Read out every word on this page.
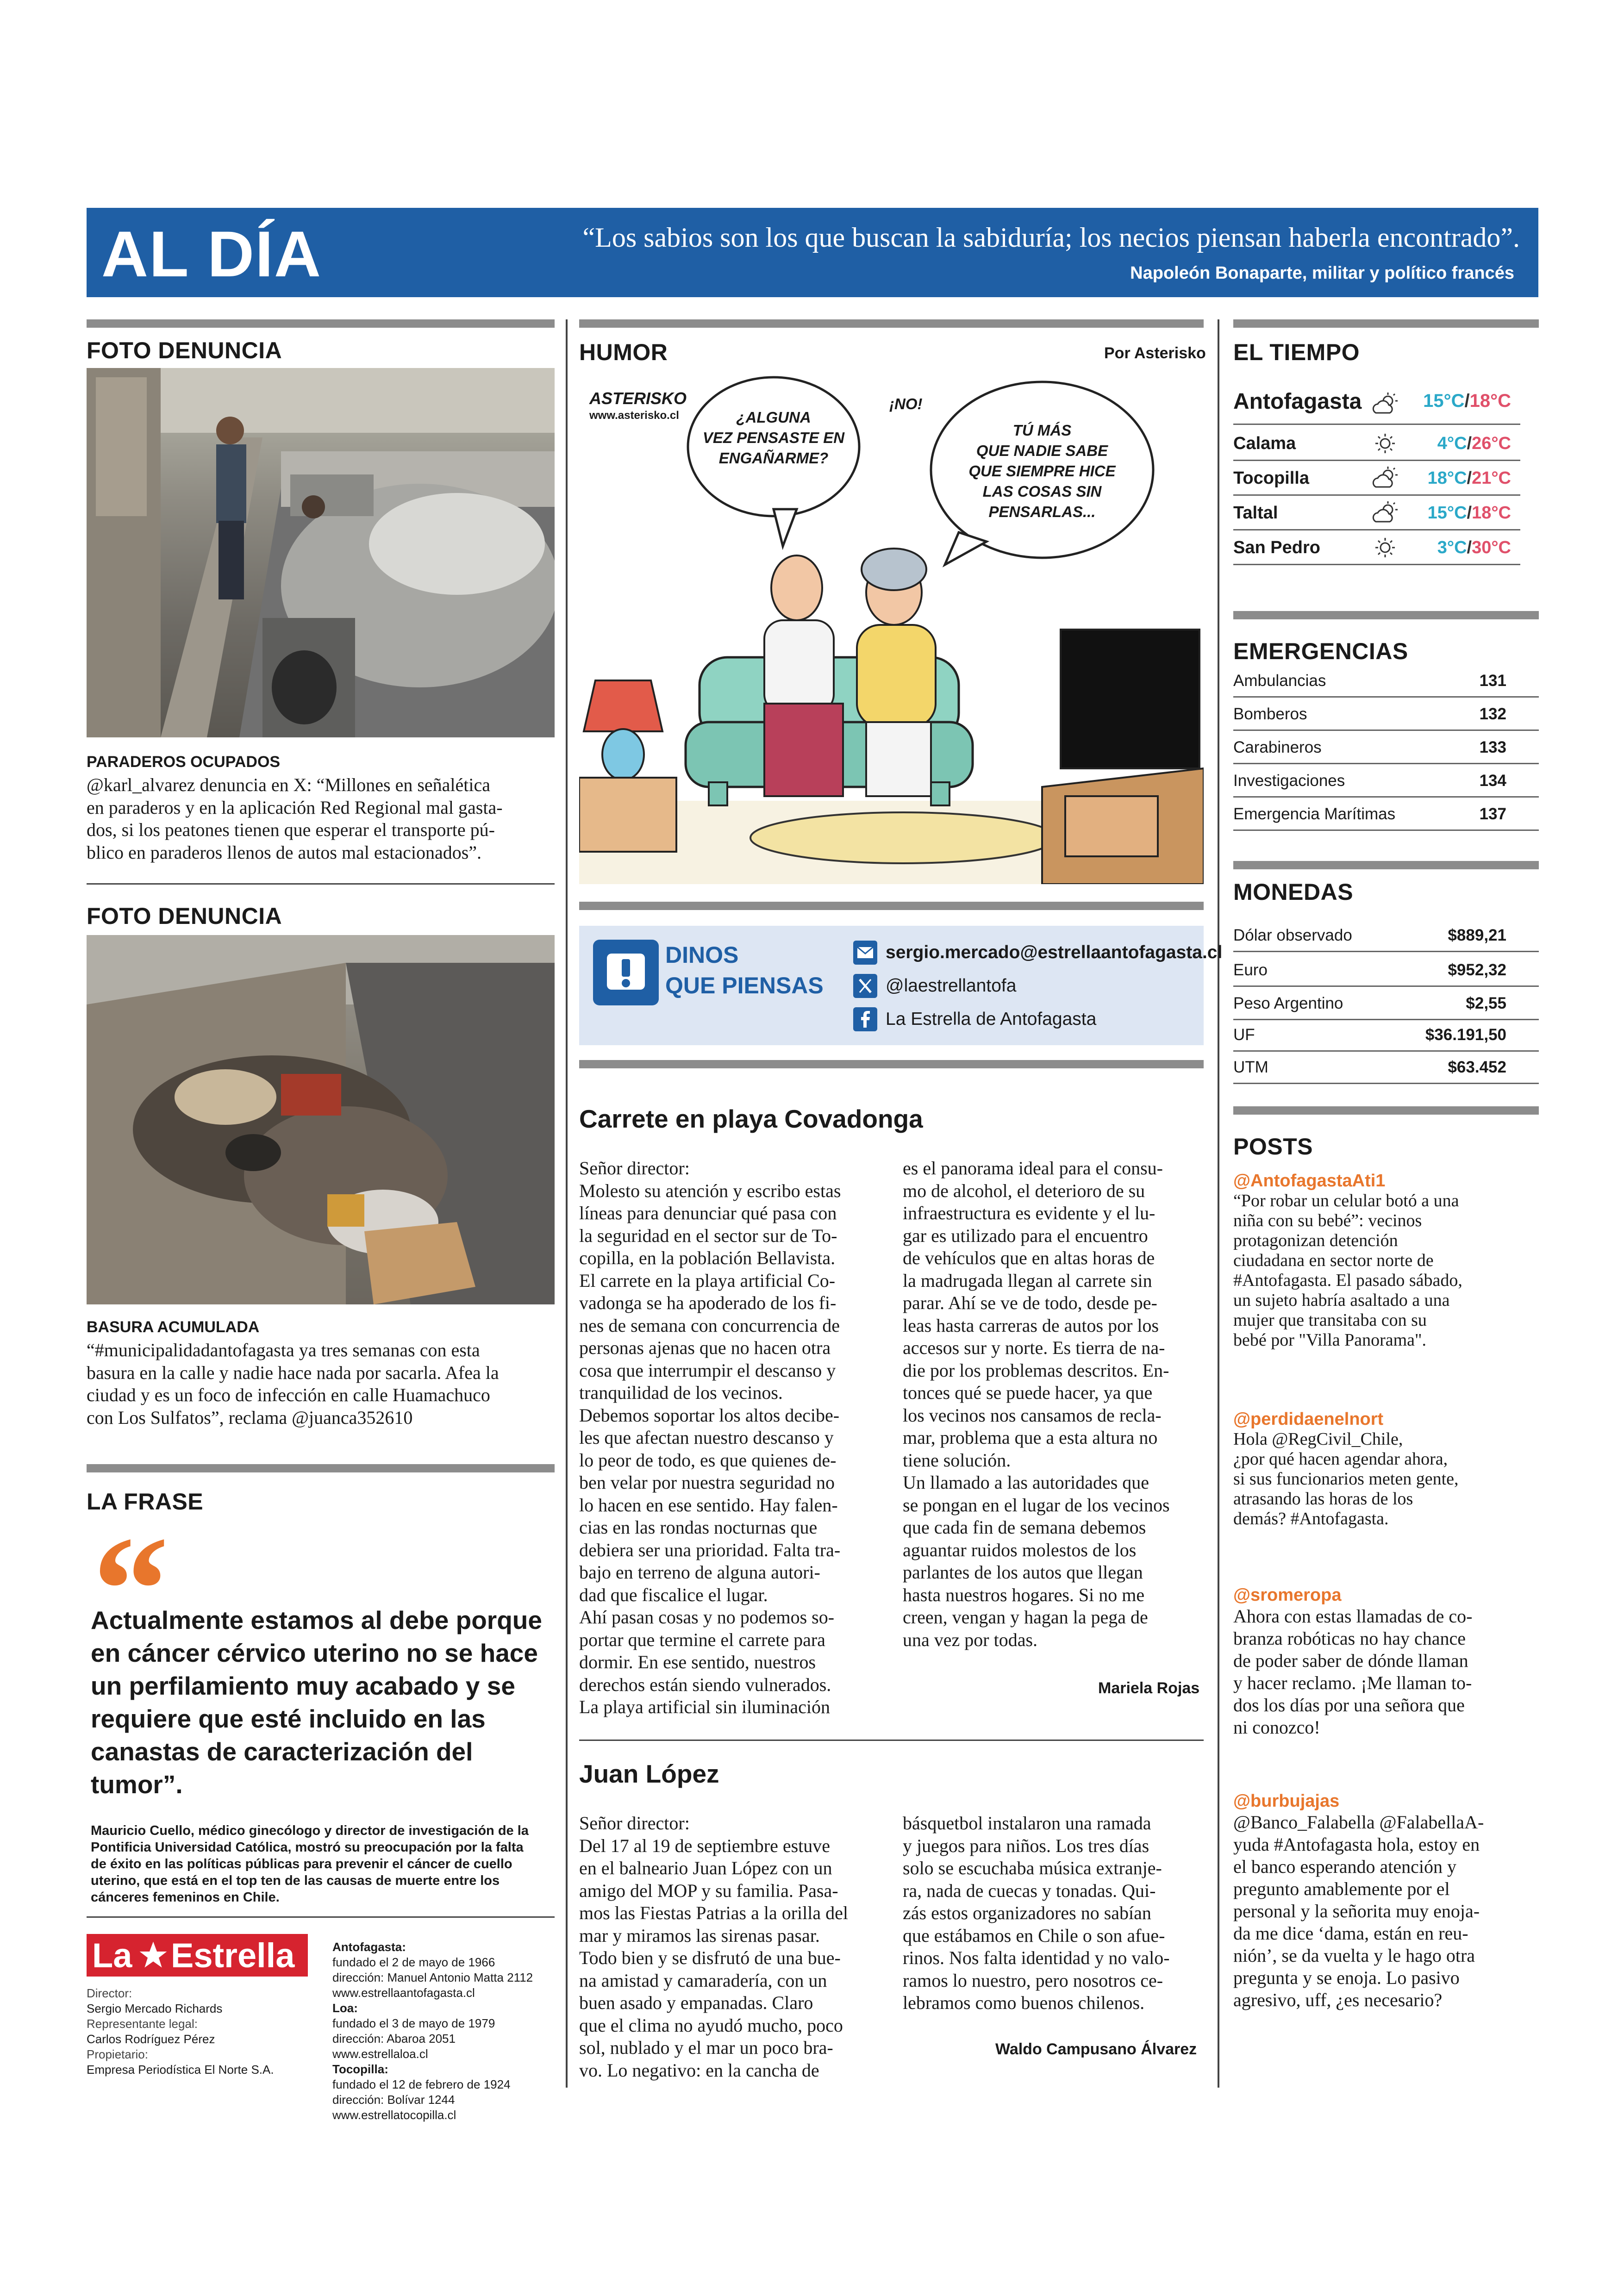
AL DÍA	“Los sabios son los que buscan la sabiduría; los necios piensan haberla encontrado”.
Napoleón Bonaparte, militar y político francés
FOTO DENUNCIA
PARADEROS OCUPADOS
@karl_alvarez denuncia en X: “Millones en señalética
en paraderos y en la aplicación Red Regional mal gasta-
dos, si los peatones tienen que esperar el transporte pú-
blico en paraderos llenos de autos mal estacionados”.
FOTO DENUNCIA
BASURA ACUMULADA
“#municipalidadantofagasta ya tres semanas con esta
basura en la calle y nadie hace nada por sacarla. Afea la
ciudad y es un foco de infección en calle Huamachuco
con Los Sulfatos”, reclama @juanca352610
LA FRASE
“
Actualmente estamos al debe porque
en cáncer cérvico uterino no se hace
un perfilamiento muy acabado y se
requiere que esté incluido en las
canastas de caracterización del
tumor”.
Mauricio Cuello, médico ginecólogo y director de investigación de la
Pontificia Universidad Católica, mostró su preocupación por la falta
de éxito en las políticas públicas para prevenir el cáncer de cuello
uterino, que está en el top ten de las causas de muerte entre los
cánceres femeninos en Chile.
La Estrella
Director:
Sergio Mercado Richards
Representante legal:
Carlos Rodríguez Pérez
Propietario:
Empresa Periodística El Norte S.A.
Antofagasta:
fundado el 2 de mayo de 1966
dirección: Manuel Antonio Matta 2112
www.estrellaantofagasta.cl
Loa:
fundado el 3 de mayo de 1979
dirección: Abaroa 2051
www.estrellaloa.cl
Tocopilla:
fundado el 12 de febrero de 1924
dirección: Bolívar 1244
www.estrellatocopilla.cl
HUMOR	Por Asterisko
ASTERISKO
www.asterisko.cl	¿ALGUNA
VEZ PENSASTE EN
ENGAÑARME?
¡NO!
TÚ MÁS
QUE NADIE SABE
QUE SIEMPRE HICE
LAS COSAS SIN
PENSARLAS...
DINOS
QUE PIENSAS
sergio.mercado@estrellaantofagasta.cl
@laestrellantofa
La Estrella de Antofagasta
Carrete en playa Covadonga
Señor director:
Molesto su atención y escribo estas
líneas para denunciar qué pasa con
la seguridad en el sector sur de To-
copilla, en la población Bellavista.
El carrete en la playa artificial Co-
vadonga se ha apoderado de los fi-
nes de semana con concurrencia de
personas ajenas que no hacen otra
cosa que interrumpir el descanso y
tranquilidad de los vecinos.
Debemos soportar los altos decibe-
les que afectan nuestro descanso y
lo peor de todo, es que quienes de-
ben velar por nuestra seguridad no
lo hacen en ese sentido. Hay falen-
cias en las rondas nocturnas que
debiera ser una prioridad. Falta tra-
bajo en terreno de alguna autori-
dad que fiscalice el lugar.
Ahí pasan cosas y no podemos so-
portar que termine el carrete para
dormir. En ese sentido, nuestros
derechos están siendo vulnerados.
La playa artificial sin iluminación
es el panorama ideal para el consu-
mo de alcohol, el deterioro de su
infraestructura es evidente y el lu-
gar es utilizado para el encuentro
de vehículos que en altas horas de
la madrugada llegan al carrete sin
parar. Ahí se ve de todo, desde pe-
leas hasta carreras de autos por los
accesos sur y norte. Es tierra de na-
die por los problemas descritos. En-
tonces qué se puede hacer, ya que
los vecinos nos cansamos de recla-
mar, problema que a esta altura no
tiene solución.
Un llamado a las autoridades que
se pongan en el lugar de los vecinos
que cada fin de semana debemos
aguantar ruidos molestos de los
parlantes de los autos que llegan
hasta nuestros hogares. Si no me
creen, vengan y hagan la pega de
una vez por todas.
Mariela Rojas
Juan López
Señor director:
Del 17 al 19 de septiembre estuve
en el balneario Juan López con un
amigo del MOP y su familia. Pasa-
mos las Fiestas Patrias a la orilla del
mar y miramos las sirenas pasar.
Todo bien y se disfrutó de una bue-
na amistad y camaradería, con un
buen asado y empanadas. Claro
que el clima no ayudó mucho, poco
sol, nublado y el mar un poco bra-
vo. Lo negativo: en la cancha de
básquetbol instalaron una ramada
y juegos para niños. Los tres días
solo se escuchaba música extranje-
ra, nada de cuecas y tonadas. Qui-
zás estos organizadores no sabían
que estábamos en Chile o son afue-
rinos. Nos falta identidad y no valo-
ramos lo nuestro, pero nosotros ce-
lebramos como buenos chilenos.
Waldo Campusano Álvarez
EL TIEMPO
Antofagasta	15°C/18°C
Calama	4°C/26°C
Tocopilla	18°C/21°C
Taltal	15°C/18°C
San Pedro	3°C/30°C
EMERGENCIAS
Ambulancias	131
Bomberos	132
Carabineros	133
Investigaciones	134
Emergencia Marítimas	137
MONEDAS
Dólar observado	$889,21
Euro	$952,32
Peso Argentino	$2,55
UF	$36.191,50
UTM	$63.452
POSTS
@AntofagastaAti1
“Por robar un celular botó a una
niña con su bebé”: vecinos
protagonizan detención
ciudadana en sector norte de
#Antofagasta. El pasado sábado,
un sujeto habría asaltado a una
mujer que transitaba con su
bebé por "Villa Panorama".
@perdidaenelnort
Hola @RegCivil_Chile,
¿por qué hacen agendar ahora,
si sus funcionarios meten gente,
atrasando las horas de los
demás? #Antofagasta.
@sromeropa
Ahora con estas llamadas de co-
branza robóticas no hay chance
de poder saber de dónde llaman
y hacer reclamo. ¡Me llaman to-
dos los días por una señora que
ni conozco!
@burbujajas
@Banco_Falabella @FalabellaA-
yuda #Antofagasta hola, estoy en
el banco esperando atención y
pregunto amablemente por el
personal y la señorita muy enoja-
da me dice ‘dama, están en reu-
nión’, se da vuelta y le hago otra
pregunta y se enoja. Lo pasivo
agresivo, uff, ¿es necesario?
